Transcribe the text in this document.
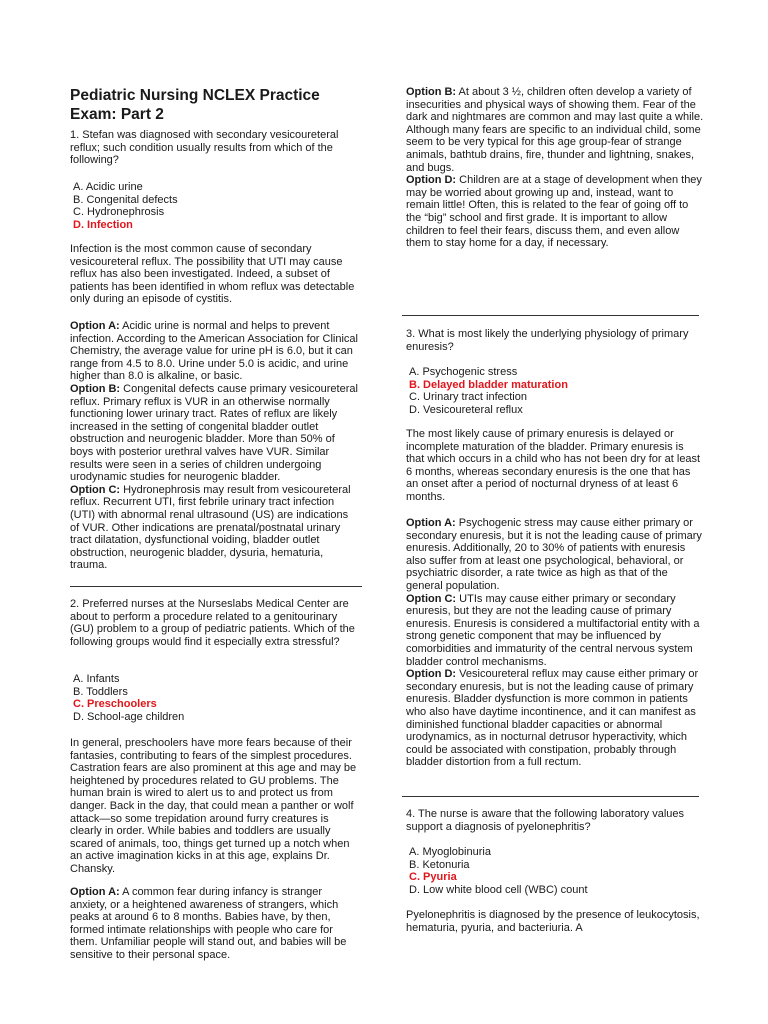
Pediatric Nursing NCLEX Practice Exam: Part 2

1. Stefan was diagnosed with secondary vesicoureteral reflux; such condition usually results from which of the following?

A. Acidic urine
B. Congenital defects
C. Hydronephrosis
D. Infection

Infection is the most common cause of secondary vesicoureteral reflux. The possibility that UTI may cause reflux has also been investigated. Indeed, a subset of patients has been identified in whom reflux was detectable only during an episode of cystitis.

Option A: Acidic urine is normal and helps to prevent infection. According to the American Association for Clinical Chemistry, the average value for urine pH is 6.0, but it can range from 4.5 to 8.0. Urine under 5.0 is acidic, and urine higher than 8.0 is alkaline, or basic.

Option B: Congenital defects cause primary vesicoureteral reflux. Primary reflux is VUR in an otherwise normally functioning lower urinary tract. Rates of reflux are likely increased in the setting of congenital bladder outlet obstruction and neurogenic bladder. More than 50% of boys with posterior urethral valves have VUR. Similar results were seen in a series of children undergoing urodynamic studies for neurogenic bladder.

Option C: Hydronephrosis may result from vesicoureteral reflux. Recurrent UTI, first febrile urinary tract infection (UTI) with abnormal renal ultrasound (US) are indications of VUR. Other indications are prenatal/postnatal urinary tract dilatation, dysfunctional voiding, bladder outlet obstruction, neurogenic bladder, dysuria, hematuria, trauma.

2. Preferred nurses at the Nurseslabs Medical Center are about to perform a procedure related to a genitourinary (GU) problem to a group of pediatric patients. Which of the following groups would find it especially extra stressful?

A. Infants
B. Toddlers
C. Preschoolers
D. School-age children

In general, preschoolers have more fears because of their fantasies, contributing to fears of the simplest procedures. Castration fears are also prominent at this age and may be heightened by procedures related to GU problems. The human brain is wired to alert us to and protect us from danger. Back in the day, that could mean a panther or wolf attack—so some trepidation around furry creatures is clearly in order. While babies and toddlers are usually scared of animals, too, things get turned up a notch when an active imagination kicks in at this age, explains Dr. Chansky.

Option A: A common fear during infancy is stranger anxiety, or a heightened awareness of strangers, which peaks at around 6 to 8 months. Babies have, by then, formed intimate relationships with people who care for them. Unfamiliar people will stand out, and babies will be sensitive to their personal space.

Option B: At about 3 ½, children often develop a variety of insecurities and physical ways of showing them. Fear of the dark and nightmares are common and may last quite a while. Although many fears are specific to an individual child, some seem to be very typical for this age group-fear of strange animals, bathtub drains, fire, thunder and lightning, snakes, and bugs.

Option D: Children are at a stage of development when they may be worried about growing up and, instead, want to remain little! Often, this is related to the fear of going off to the “big” school and first grade. It is important to allow children to feel their fears, discuss them, and even allow them to stay home for a day, if necessary.

3. What is most likely the underlying physiology of primary enuresis?

A. Psychogenic stress
B. Delayed bladder maturation
C. Urinary tract infection
D. Vesicoureteral reflux

The most likely cause of primary enuresis is delayed or incomplete maturation of the bladder. Primary enuresis is that which occurs in a child who has not been dry for at least 6 months, whereas secondary enuresis is the one that has an onset after a period of nocturnal dryness of at least 6 months.

Option A: Psychogenic stress may cause either primary or secondary enuresis, but it is not the leading cause of primary enuresis. Additionally, 20 to 30% of patients with enuresis also suffer from at least one psychological, behavioral, or psychiatric disorder, a rate twice as high as that of the general population.

Option C: UTIs may cause either primary or secondary enuresis, but they are not the leading cause of primary enuresis. Enuresis is considered a multifactorial entity with a strong genetic component that may be influenced by comorbidities and immaturity of the central nervous system bladder control mechanisms.

Option D: Vesicoureteral reflux may cause either primary or secondary enuresis, but is not the leading cause of primary enuresis. Bladder dysfunction is more common in patients who also have daytime incontinence, and it can manifest as diminished functional bladder capacities or abnormal urodynamics, as in nocturnal detrusor hyperactivity, which could be associated with constipation, probably through bladder distortion from a full rectum.

4. The nurse is aware that the following laboratory values support a diagnosis of pyelonephritis?

A. Myoglobinuria
B. Ketonuria
C. Pyuria
D. Low white blood cell (WBC) count

Pyelonephritis is diagnosed by the presence of leukocytosis, hematuria, pyuria, and bacteriuria. A
